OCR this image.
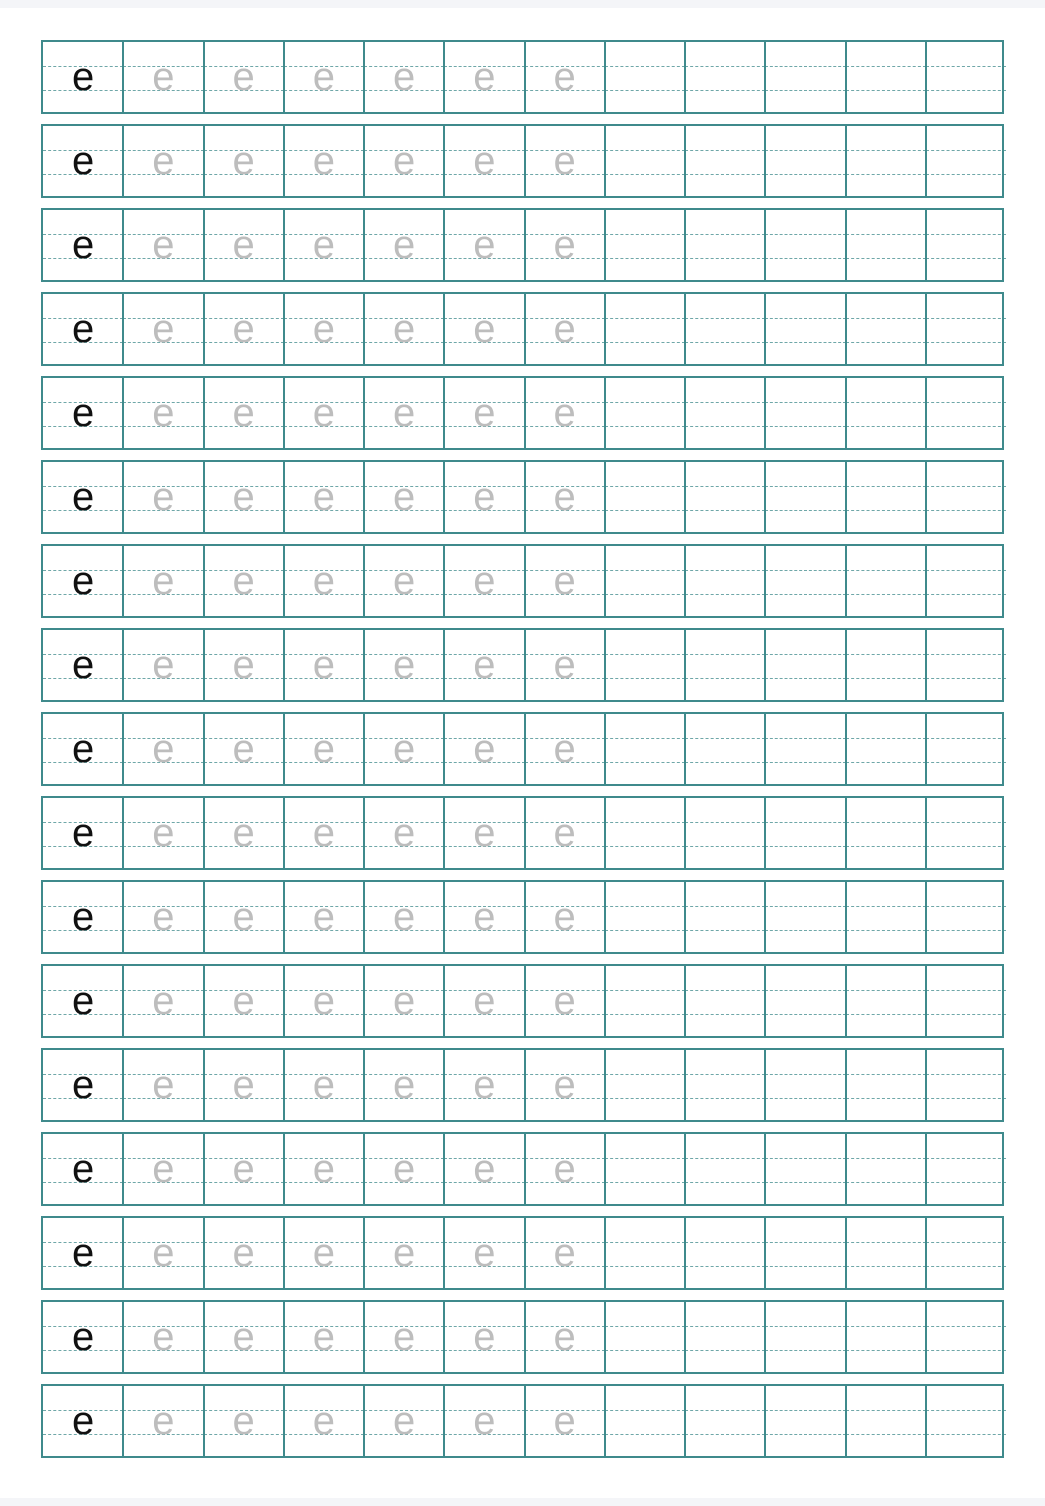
e	e	e	e	e	e	e
e	e	e	e	e	e	e
e	e	e	e	e	e	e
e	e	e	e	e	e	e
e	e	e	e	e	e	e
e	e	e	e	e	e	e
e	e	e	e	e	e	e
e	e	e	e	e	e	e
e	e	e	e	e	e	e
e	e	e	e	e	e	e
e	e	e	e	e	e	e
e	e	e	e	e	e	e
e	e	e	e	e	e	e
e	e	e	e	e	e	e
e	e	e	e	e	e	e
e	e	e	e	e	e	e
e	e	e	e	e	e	e
